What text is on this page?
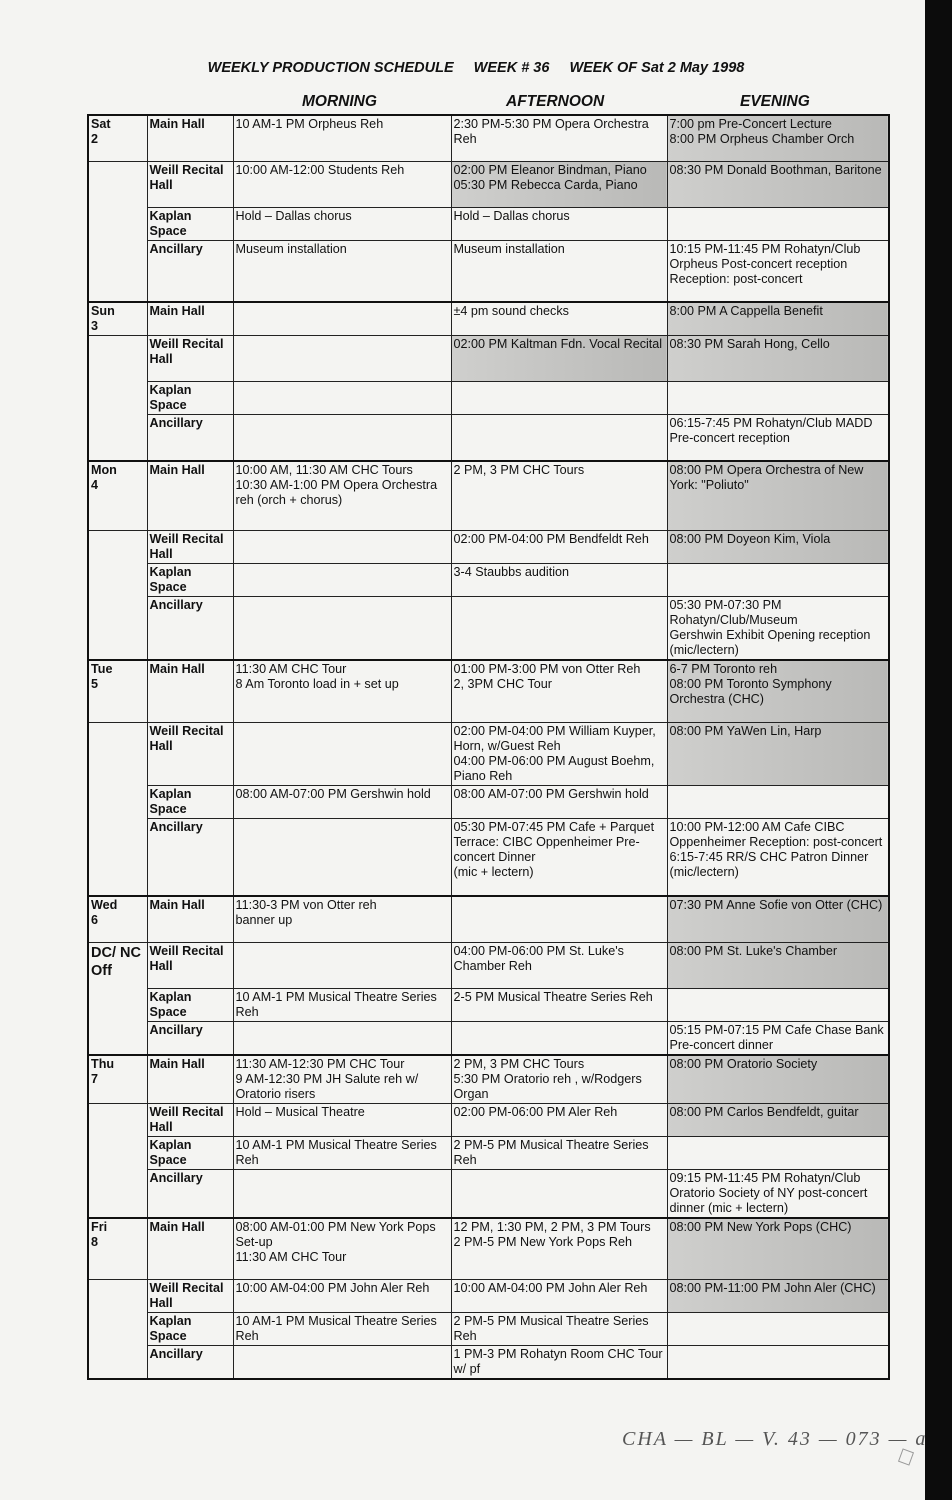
WEEKLY PRODUCTION SCHEDULE WEEK # 36 WEEK OF Sat 2 May 1998
MORNING	AFTERNOON	EVENING
Sat
2	Main Hall	10 AM-1 PM Orpheus Reh	2:30 PM-5:30 PM Opera Orchestra Reh	7:00 pm Pre-Concert Lecture
8:00 PM Orpheus Chamber Orch

	Weill Recital Hall	10:00 AM-12:00 Students Reh	02:00 PM Eleanor Bindman, Piano
05:30 PM Rebecca Carda, Piano	08:30 PM Donald Boothman, Baritone

	Kaplan Space	Hold – Dallas chorus	Hold – Dallas chorus	

	Ancillary	Museum installation	Museum installation	10:15 PM-11:45 PM Rohatyn/Club Orpheus Post-concert reception Reception: post-concert

Sun
3	Main Hall		±4 pm sound checks	8:00 PM A Cappella Benefit

	Weill Recital Hall		02:00 PM Kaltman Fdn. Vocal Recital	08:30 PM Sarah Hong, Cello

	Kaplan Space			

	Ancillary			06:15-7:45 PM Rohatyn/Club MADD Pre-concert reception

Mon
4	Main Hall	10:00 AM, 11:30 AM CHC Tours
10:30 AM-1:00 PM Opera Orchestra reh (orch + chorus)	2 PM, 3 PM CHC Tours	08:00 PM Opera Orchestra of New York: "Poliuto"

	Weill Recital Hall		02:00 PM-04:00 PM Bendfeldt Reh	08:00 PM Doyeon Kim, Viola

	Kaplan Space		3-4 Staubbs audition	

	Ancillary			05:30 PM-07:30 PM Rohatyn/Club/Museum
Gershwin Exhibit Opening reception (mic/lectern)

Tue
5	Main Hall	11:30 AM CHC Tour
8 Am Toronto load in + set up	01:00 PM-3:00 PM von Otter Reh
2, 3PM CHC Tour	6-7 PM Toronto reh
08:00 PM Toronto Symphony Orchestra (CHC)

	Weill Recital Hall		02:00 PM-04:00 PM William Kuyper, Horn, w/Guest Reh
04:00 PM-06:00 PM August Boehm, Piano Reh	08:00 PM YaWen Lin, Harp

	Kaplan Space	08:00 AM-07:00 PM Gershwin hold	08:00 AM-07:00 PM Gershwin hold	

	Ancillary		05:30 PM-07:45 PM Cafe + Parquet Terrace: CIBC Oppenheimer Pre-concert Dinner
(mic + lectern)	10:00 PM-12:00 AM Cafe CIBC Oppenheimer Reception: post-concert
6:15-7:45 RR/S CHC Patron Dinner (mic/lectern)

Wed
6	Main Hall	11:30-3 PM von Otter reh
banner up		07:30 PM Anne Sofie von Otter (CHC)

DC/ NC Off	Weill Recital Hall		04:00 PM-06:00 PM St. Luke's Chamber Reh	08:00 PM St. Luke's Chamber

	Kaplan Space	10 AM-1 PM Musical Theatre Series Reh	2-5 PM Musical Theatre Series Reh	

	Ancillary			05:15 PM-07:15 PM Cafe Chase Bank Pre-concert dinner

Thu
7	Main Hall	11:30 AM-12:30 PM CHC Tour
9 AM-12:30 PM JH Salute reh w/ Oratorio risers	2 PM, 3 PM CHC Tours
5:30 PM Oratorio reh , w/Rodgers Organ	08:00 PM Oratorio Society

	Weill Recital Hall	Hold – Musical Theatre	02:00 PM-06:00 PM Aler Reh	08:00 PM Carlos Bendfeldt, guitar

	Kaplan Space	10 AM-1 PM Musical Theatre Series Reh	2 PM-5 PM Musical Theatre Series Reh	

	Ancillary			09:15 PM-11:45 PM Rohatyn/Club Oratorio Society of NY post-concert dinner (mic + lectern)

Fri
8	Main Hall	08:00 AM-01:00 PM New York Pops Set-up
11:30 AM CHC Tour	12 PM, 1:30 PM, 2 PM, 3 PM Tours
2 PM-5 PM New York Pops Reh	08:00 PM New York Pops (CHC)

	Weill Recital Hall	10:00 AM-04:00 PM John Aler Reh	10:00 AM-04:00 PM John Aler Reh	08:00 PM-11:00 PM John Aler (CHC)

	Kaplan Space	10 AM-1 PM Musical Theatre Series Reh	2 PM-5 PM Musical Theatre Series Reh	

	Ancillary		1 PM-3 PM Rohatyn Room CHC Tour w/ pf	

CHA — BL — V. 43 — 073 — a
